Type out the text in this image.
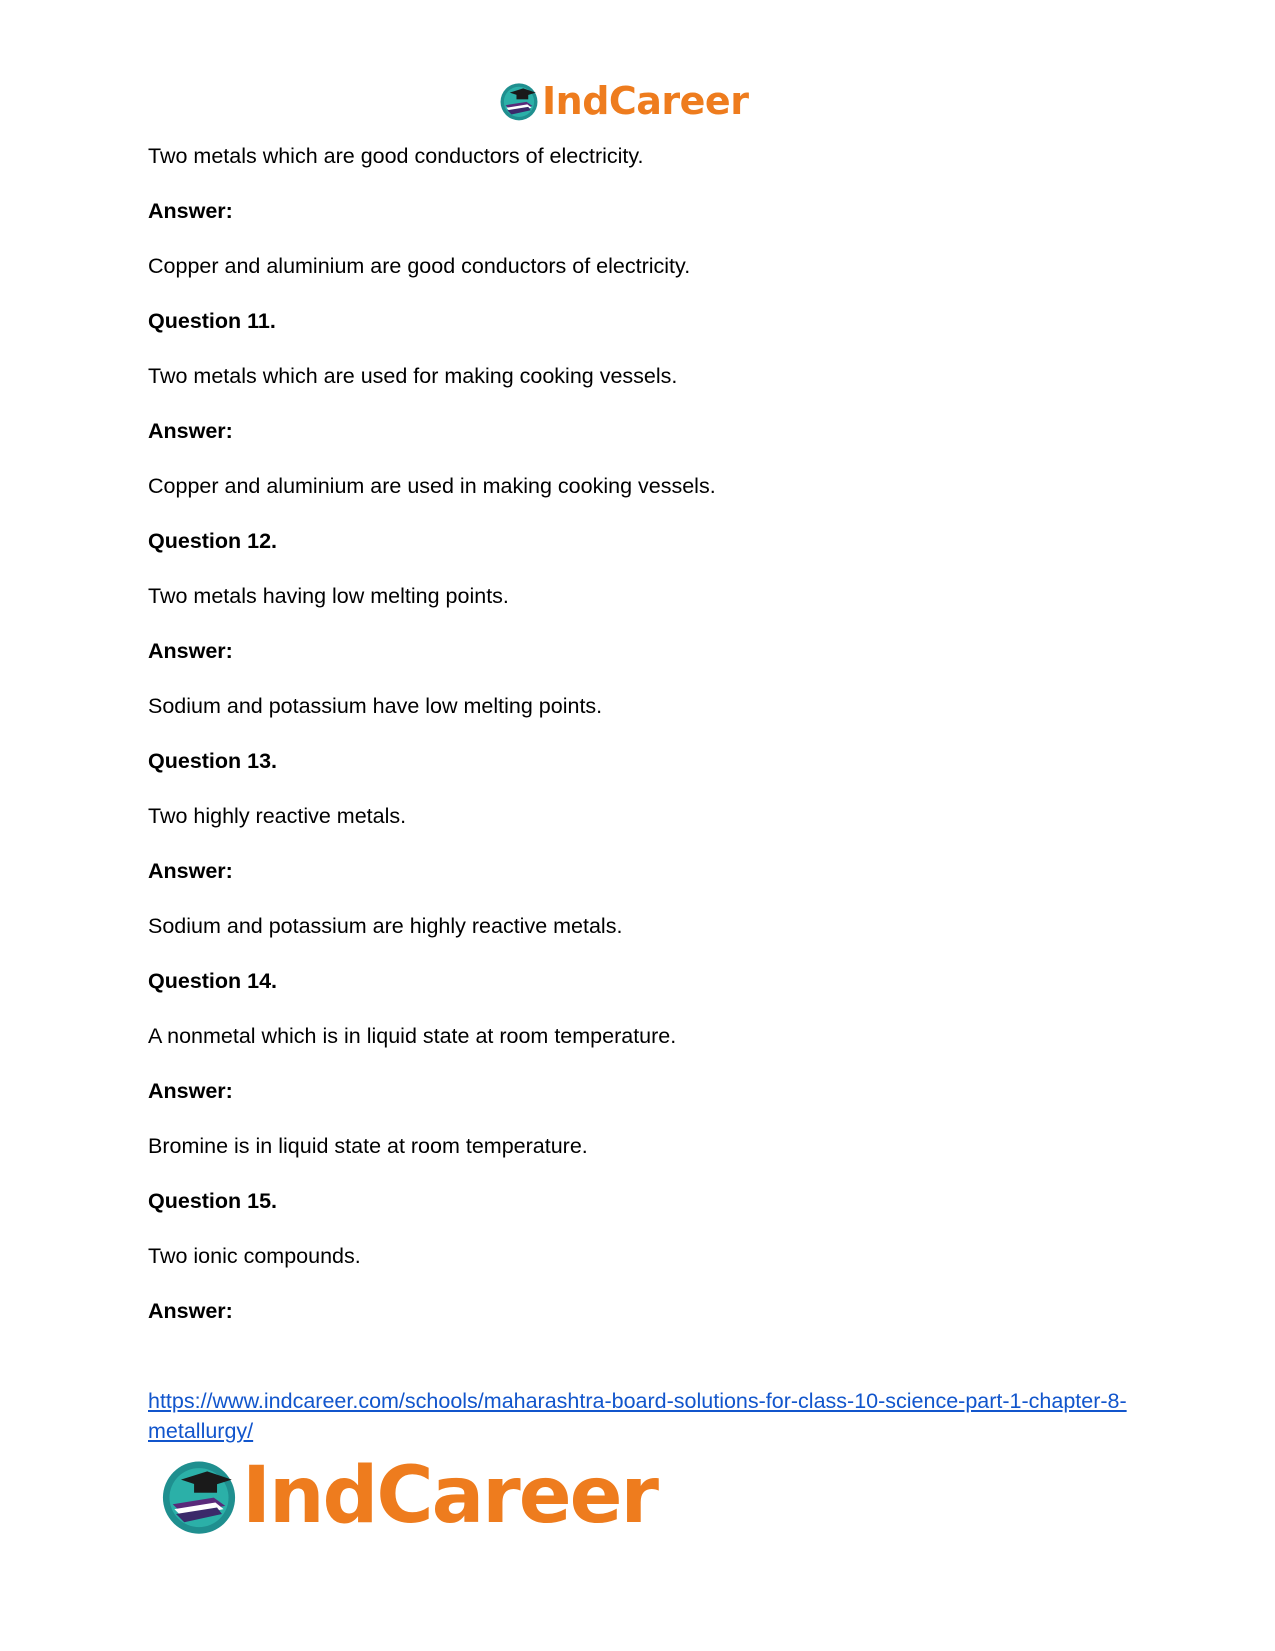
IndCareer

Two metals which are good conductors of electricity.

Answer:

Copper and aluminium are good conductors of electricity.

Question 11.

Two metals which are used for making cooking vessels.

Answer:

Copper and aluminium are used in making cooking vessels.

Question 12.

Two metals having low melting points.

Answer:

Sodium and potassium have low melting points.

Question 13.

Two highly reactive metals.

Answer:

Sodium and potassium are highly reactive metals.

Question 14.

A nonmetal which is in liquid state at room temperature.

Answer:

Bromine is in liquid state at room temperature.

Question 15.

Two ionic compounds.

Answer:

https://www.indcareer.com/schools/maharashtra-board-solutions-for-class-10-science-part-1-chapter-8-metallurgy/
IndCareer
